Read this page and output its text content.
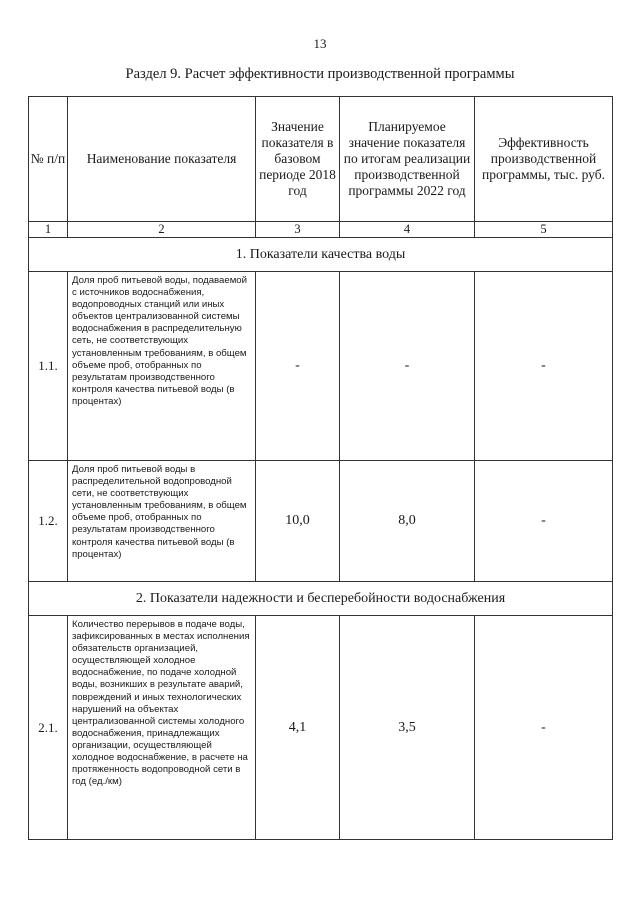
13
Раздел 9. Расчет эффективности производственной программы
№ п/п	Наименование показателя	Значение показателя в базовом периоде 2018 год	Планируемое значение показателя по итогам реализации производственной программы 2022 год	Эффективность производственной программы, тыс. руб.
1	2	3	4	5
1. Показатели качества воды				
1.1.	Доля проб питьевой воды, подаваемой с источников водоснабжения, водопроводных станций или иных объектов централизованной системы водоснабжения в распределительную сеть, не соответствующих установленным требованиям, в общем объеме проб, отобранных по результатам производственного контроля качества питьевой воды (в процентах)	-	-	-
1.2.	Доля проб питьевой воды в распределительной водопроводной сети, не соответствующих установленным требованиям, в общем объеме проб, отобранных по результатам производственного контроля качества питьевой воды (в процентах)	10,0	8,0	-
2. Показатели надежности и бесперебойности водоснабжения				
2.1.	Количество перерывов в подаче воды, зафиксированных в местах исполнения обязательств организацией, осуществляющей холодное водоснабжение, по подаче холодной воды, возникших в результате аварий, повреждений и иных технологических нарушений на объектах централизованной системы холодного водоснабжения, принадлежащих организации, осуществляющей холодное водоснабжение, в расчете на протяженность водопроводной сети в год (ед./км)	4,1	3,5	-
